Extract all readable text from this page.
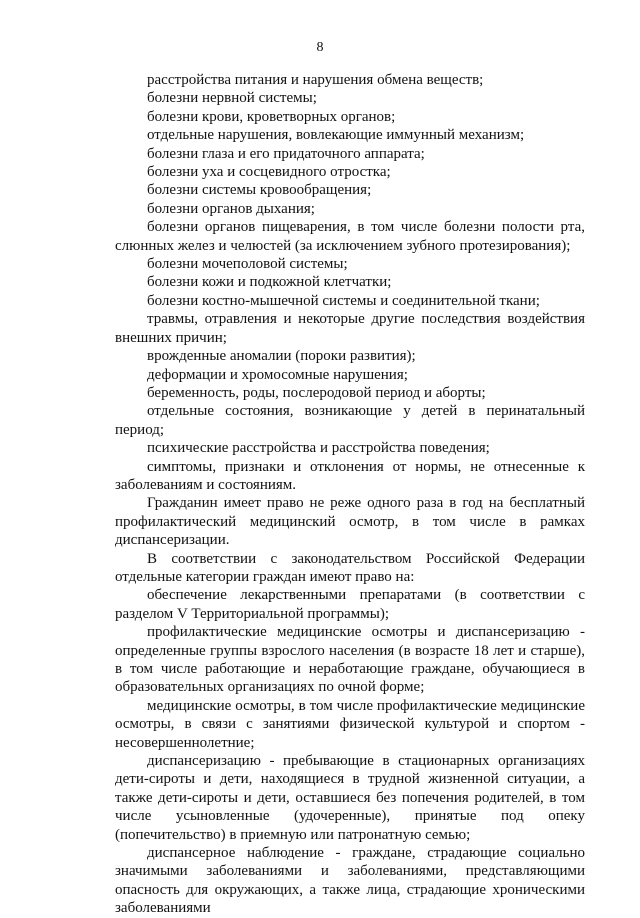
8

расстройства питания и нарушения обмена веществ;

болезни нервной системы;

болезни крови, кроветворных органов;

отдельные нарушения, вовлекающие иммунный механизм;

болезни глаза и его придаточного аппарата;

болезни уха и сосцевидного отростка;

болезни системы кровообращения;

болезни органов дыхания;

болезни органов пищеварения, в том числе болезни полости рта, слюнных желез и челюстей (за исключением зубного протезирования);

болезни мочеполовой системы;

болезни кожи и подкожной клетчатки;

болезни костно-мышечной системы и соединительной ткани;

травмы, отравления и некоторые другие последствия воздействия внешних причин;

врожденные аномалии (пороки развития);

деформации и хромосомные нарушения;

беременность, роды, послеродовой период и аборты;

отдельные состояния, возникающие у детей в перинатальный период;

психические расстройства и расстройства поведения;

симптомы, признаки и отклонения от нормы, не отнесенные к заболеваниям и состояниям.

Гражданин имеет право не реже одного раза в год на бесплатный профилактический медицинский осмотр, в том числе в рамках диспансеризации.

В соответствии с законодательством Российской Федерации отдельные категории граждан имеют право на:

обеспечение лекарственными препаратами (в соответствии с разделом V Территориальной программы);

профилактические медицинские осмотры и диспансеризацию - определенные группы взрослого населения (в возрасте 18 лет и старше), в том числе работающие и неработающие граждане, обучающиеся в образовательных организациях по очной форме;

медицинские осмотры, в том числе профилактические медицинские осмотры, в связи с занятиями физической культурой и спортом - несовершеннолетние;

диспансеризацию - пребывающие в стационарных организациях дети-сироты и дети, находящиеся в трудной жизненной ситуации, а также дети-сироты и дети, оставшиеся без попечения родителей, в том числе усыновленные (удочеренные), принятые под опеку (попечительство) в приемную или патронатную семью;

диспансерное наблюдение - граждане, страдающие социально значимыми заболеваниями и заболеваниями, представляющими опасность для окружающих, а также лица, страдающие хроническими заболеваниями
